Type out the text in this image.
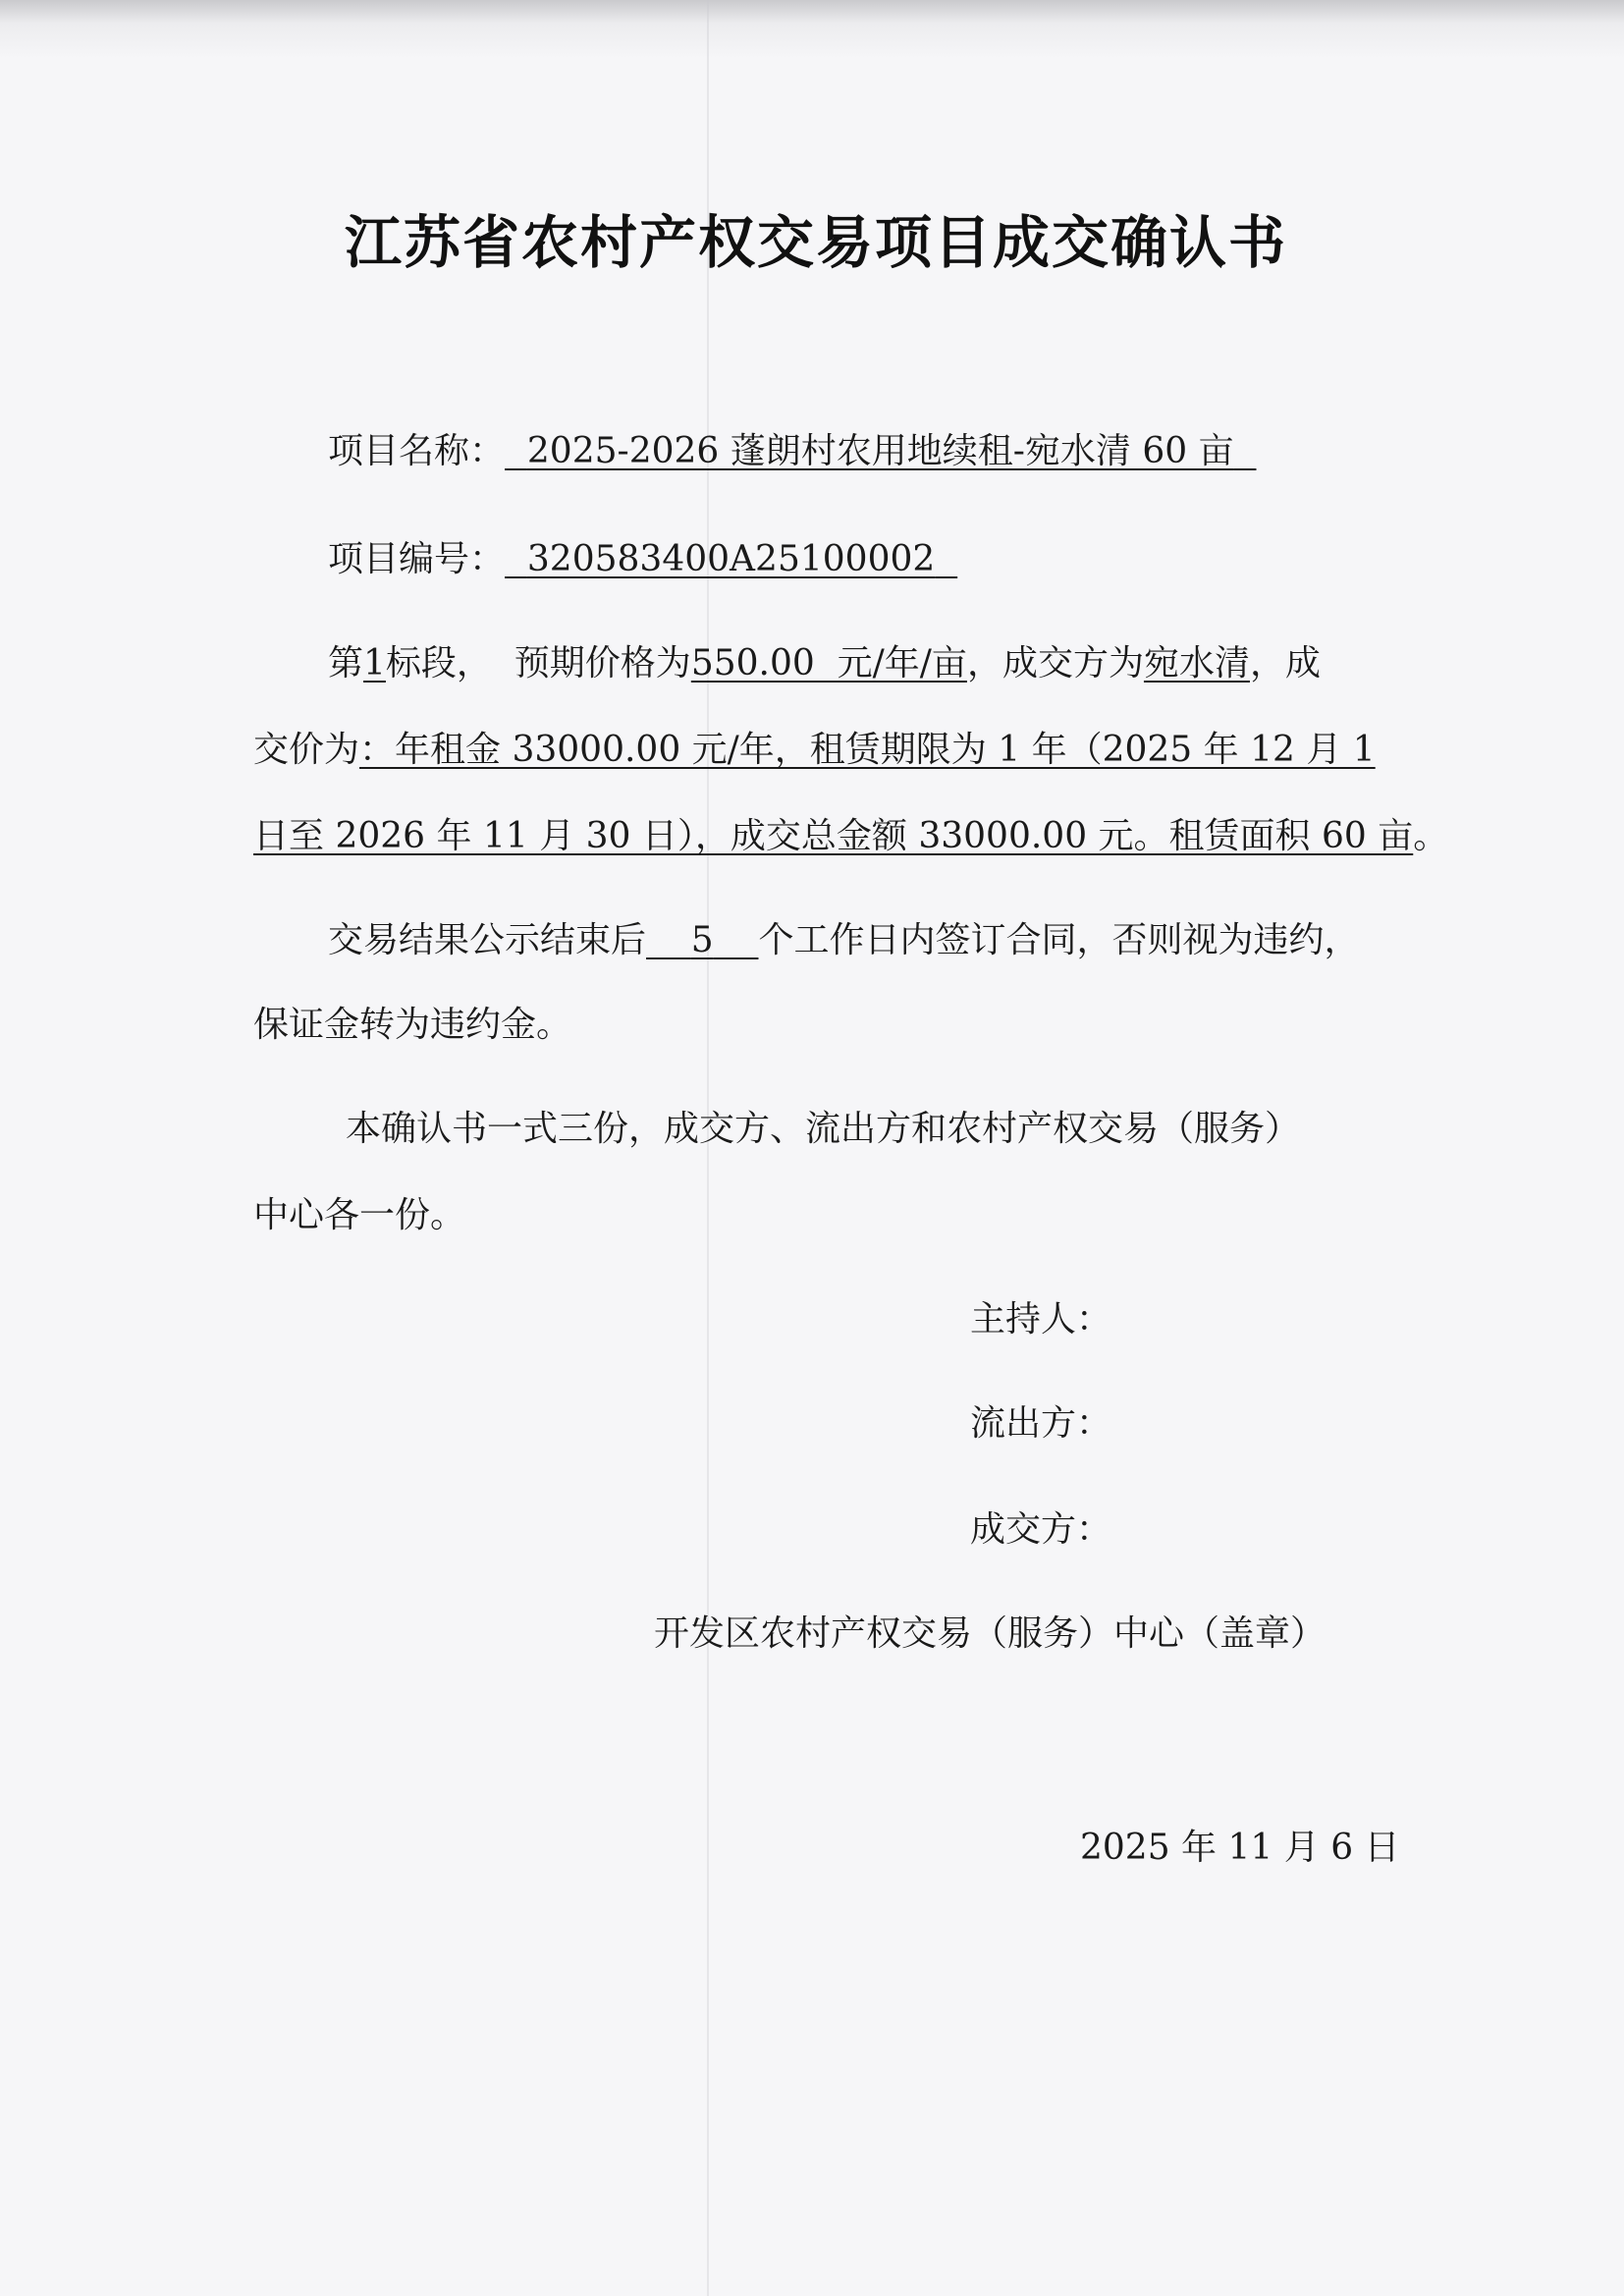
江苏省农村产权交易项目成交确认书
项目名称： 2025-2026 蓬朗村农用地续租-宛水清 60 亩
项目编号： 320583400A25100002
第1标段，  预期价格为550.00  元/年/亩，成交方为宛水清，成
交价为：年租金 33000.00 元/年，租赁期限为 1 年（2025 年 12 月 1
日至 2026 年 11 月 30 日），成交总金额 33000.00 元。租赁面积 60 亩。
交易结果公示结束后 5 个工作日内签订合同，否则视为违约，
保证金转为违约金。
本确认书一式三份，成交方、流出方和农村产权交易（服务）
中心各一份。
主持人：
流出方：
成交方：
开发区农村产权交易（服务）中心（盖章）
2025 年 11 月 6 日
